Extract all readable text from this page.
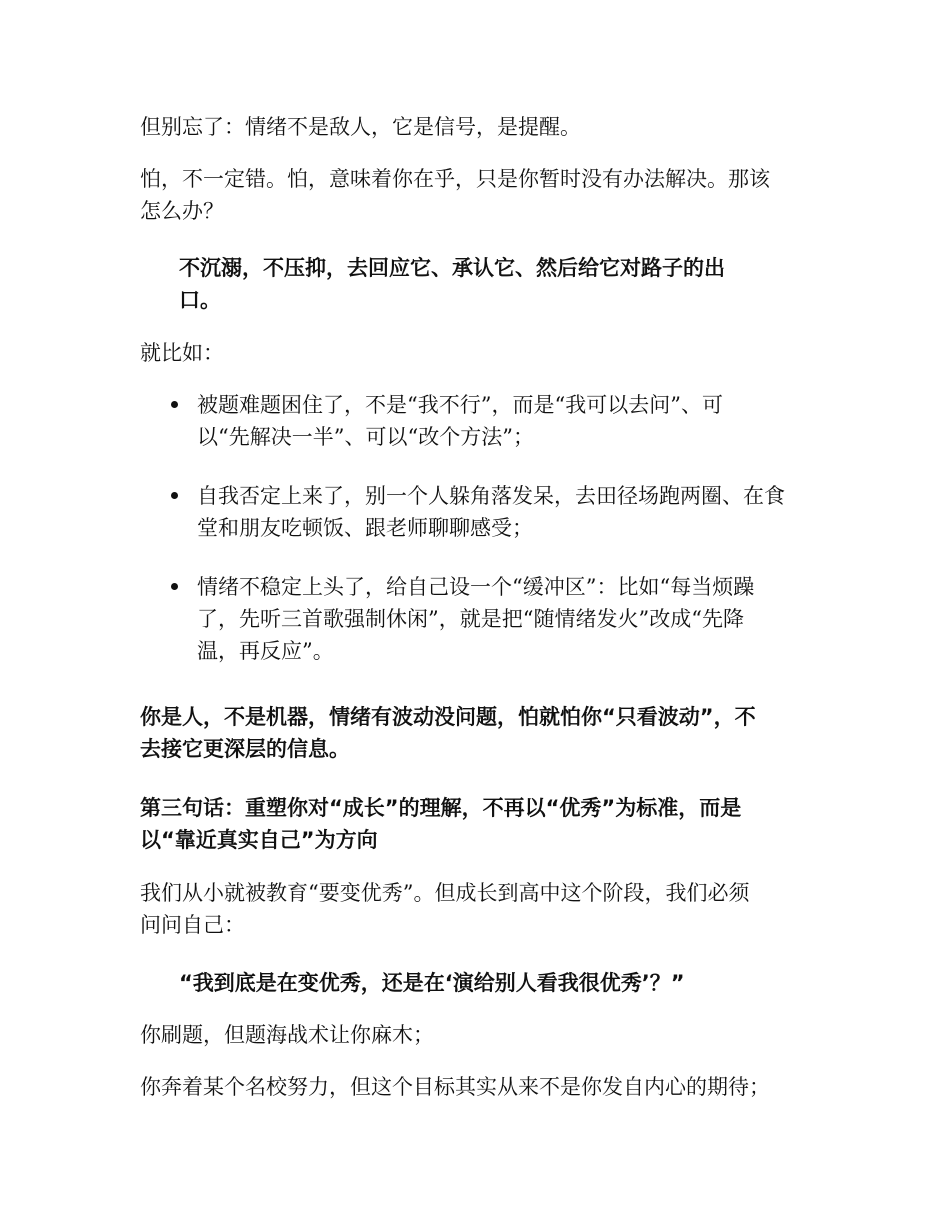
但别忘了：情绪不是敌人，它是信号，是提醒。
怕，不一定错。怕，意味着你在乎，只是你暂时没有办法解决。那该
怎么办？
不沉溺，不压抑，去回应它、承认它、然后给它对路子的出
口。
就比如：
被题难题困住了，不是“我不行”，而是“我可以去问”、可
以“先解决一半”、可以“改个方法”；
自我否定上来了，别一个人躲角落发呆，去田径场跑两圈、在食
堂和朋友吃顿饭、跟老师聊聊感受；
情绪不稳定上头了，给自己设一个“缓冲区”：比如“每当烦躁
了，先听三首歌强制休闲”，就是把“随情绪发火”改成“先降
温，再反应”。
你是人，不是机器，情绪有波动没问题，怕就怕你“只看波动”，不
去接它更深层的信息。
第三句话：重塑你对“成长”的理解，不再以“优秀”为标准，而是
以“靠近真实自己”为方向
我们从小就被教育“要变优秀”。但成长到高中这个阶段，我们必须
问问自己：
“我到底是在变优秀，还是在‘演给别人看我很优秀’？”
你刷题，但题海战术让你麻木；
你奔着某个名校努力，但这个目标其实从来不是你发自内心的期待；
